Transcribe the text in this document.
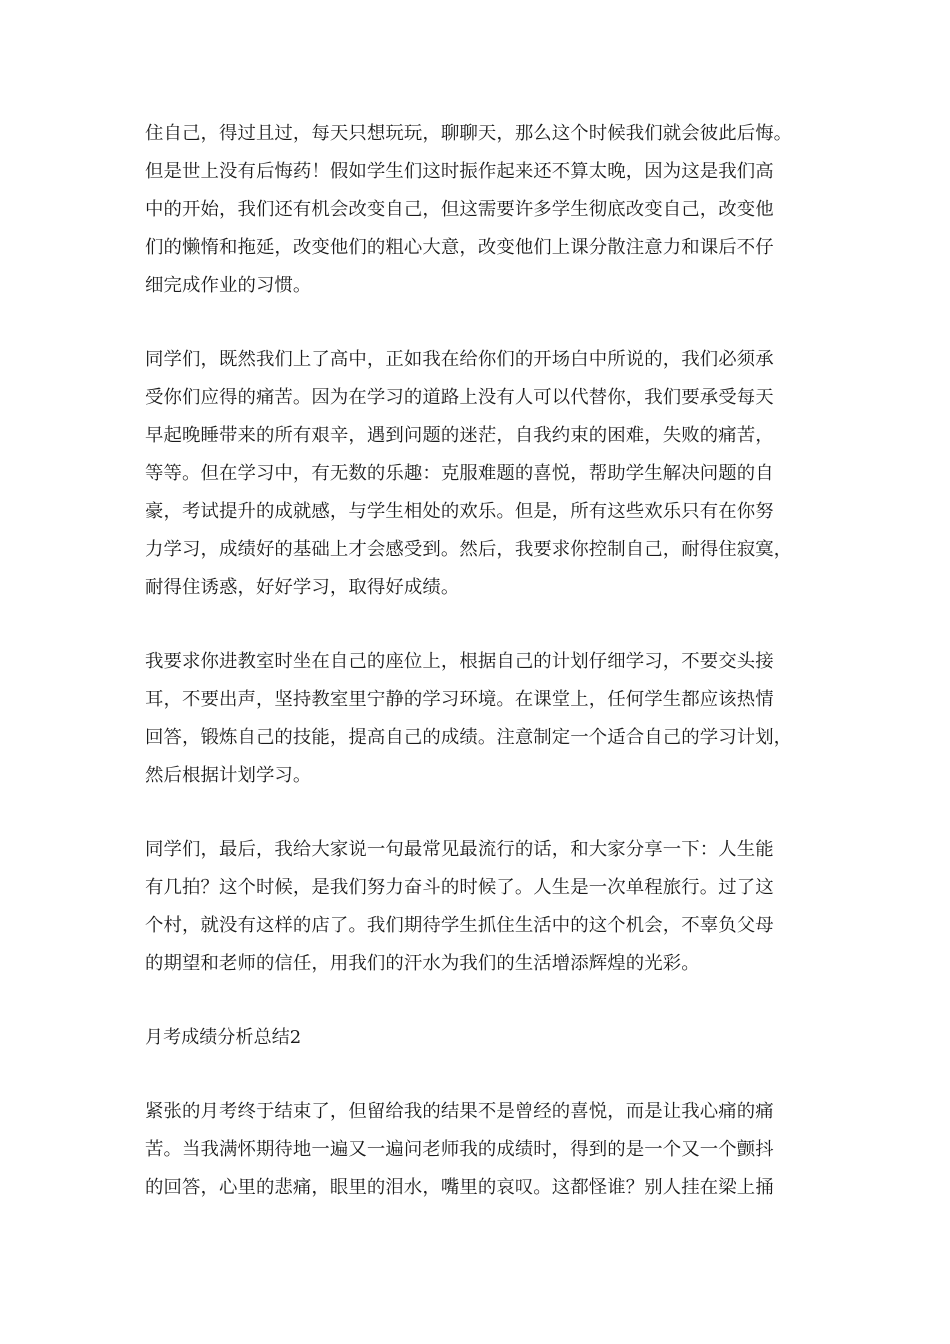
住自己，得过且过，每天只想玩玩，聊聊天，那么这个时候我们就会彼此后悔。
但是世上没有后悔药！假如学生们这时振作起来还不算太晚，因为这是我们高
中的开始，我们还有机会改变自己，但这需要许多学生彻底改变自己，改变他
们的懒惰和拖延，改变他们的粗心大意，改变他们上课分散注意力和课后不仔
细完成作业的习惯。
同学们，既然我们上了高中，正如我在给你们的开场白中所说的，我们必须承
受你们应得的痛苦。因为在学习的道路上没有人可以代替你，我们要承受每天
早起晚睡带来的所有艰辛，遇到问题的迷茫，自我约束的困难，失败的痛苦，
等等。但在学习中，有无数的乐趣：克服难题的喜悦，帮助学生解决问题的自
豪，考试提升的成就感，与学生相处的欢乐。但是，所有这些欢乐只有在你努
力学习，成绩好的基础上才会感受到。然后，我要求你控制自己，耐得住寂寞，
耐得住诱惑，好好学习，取得好成绩。
我要求你进教室时坐在自己的座位上，根据自己的计划仔细学习，不要交头接
耳，不要出声，坚持教室里宁静的学习环境。在课堂上，任何学生都应该热情
回答，锻炼自己的技能，提高自己的成绩。注意制定一个适合自己的学习计划，
然后根据计划学习。
同学们，最后，我给大家说一句最常见最流行的话，和大家分享一下：人生能
有几拍？这个时候，是我们努力奋斗的时候了。人生是一次单程旅行。过了这
个村，就没有这样的店了。我们期待学生抓住生活中的这个机会，不辜负父母
的期望和老师的信任，用我们的汗水为我们的生活增添辉煌的光彩。
月考成绩分析总结2
紧张的月考终于结束了，但留给我的结果不是曾经的喜悦，而是让我心痛的痛
苦。当我满怀期待地一遍又一遍问老师我的成绩时，得到的是一个又一个颤抖
的回答，心里的悲痛，眼里的泪水，嘴里的哀叹。这都怪谁？别人挂在梁上捅
